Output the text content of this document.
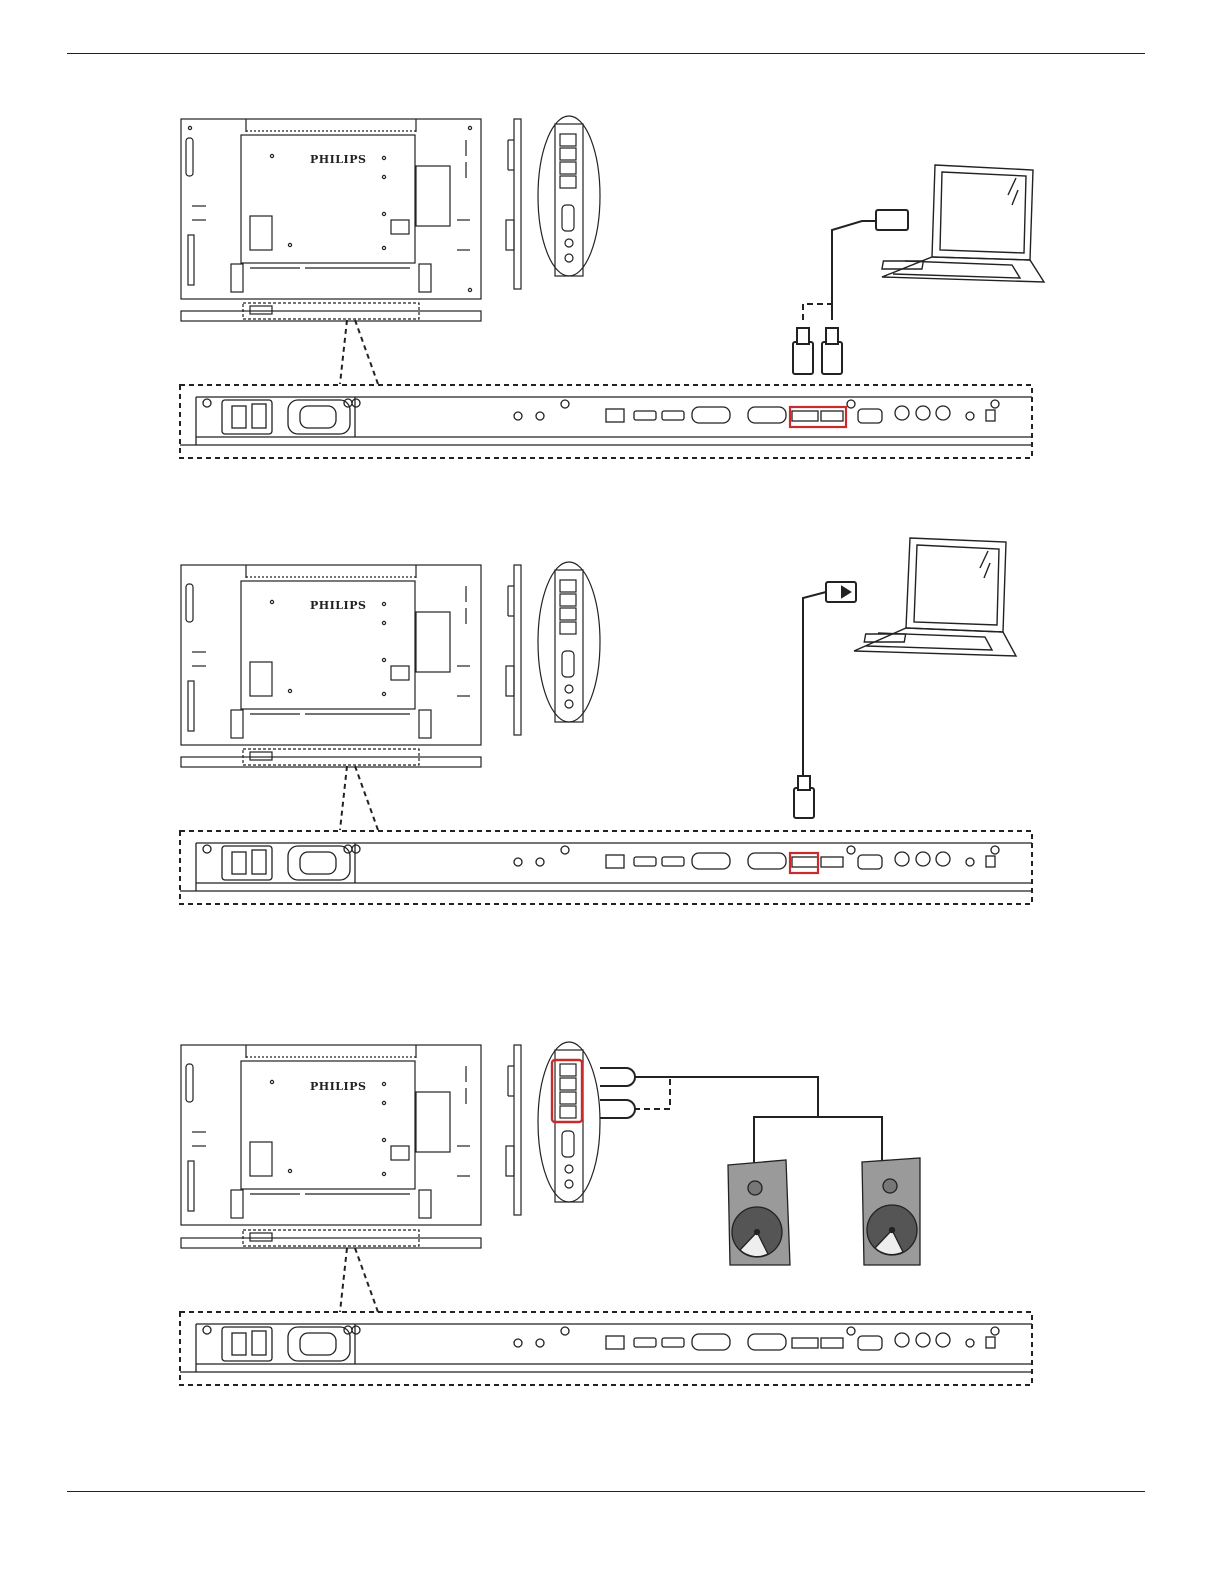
PHILIPS
PHILIPS
PHILIPS
